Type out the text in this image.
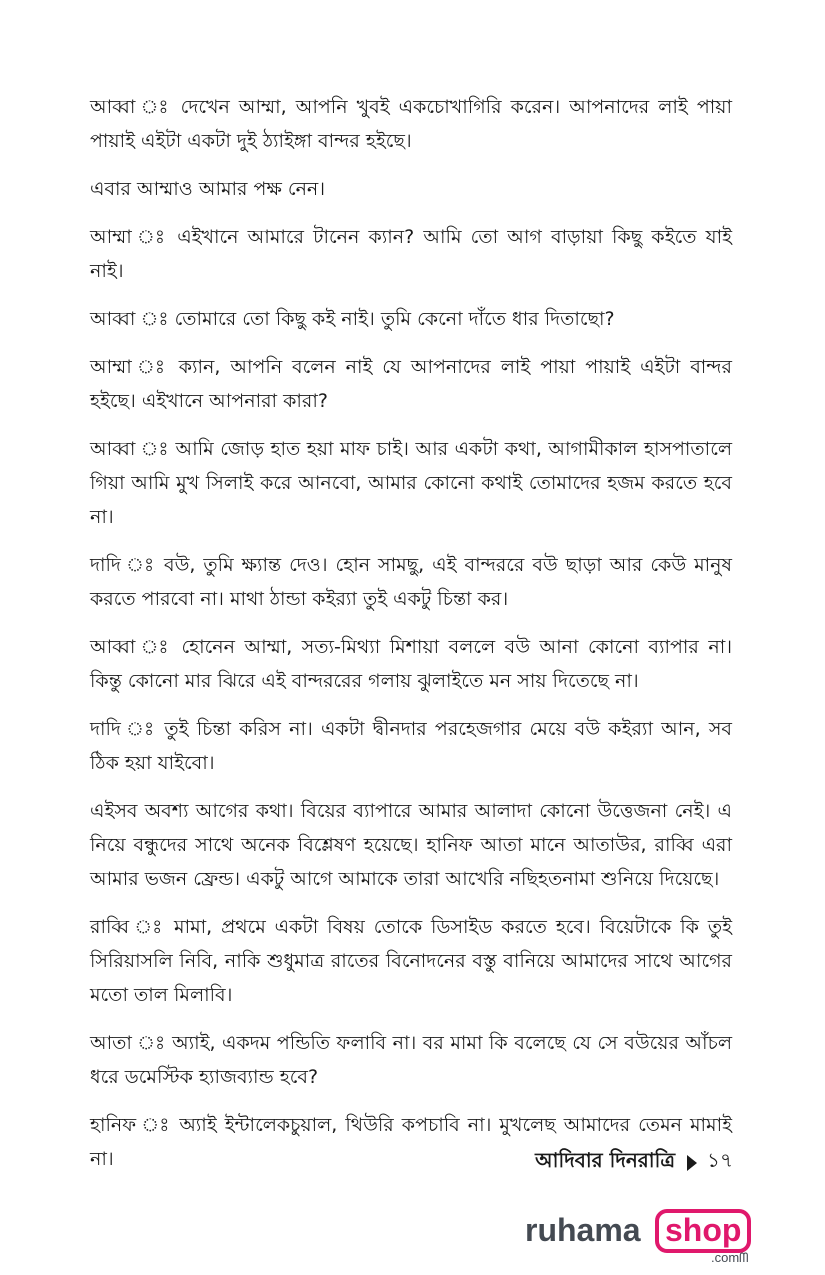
আব্বা ঃ দেখেন আম্মা, আপনি খুবই একচোখাগিরি করেন। আপনাদের লাই পায়া পায়াই এইটা একটা দুই ঠ্যাইঙ্গা বান্দর হইছে।

এবার আম্মাও আমার পক্ষ নেন।

আম্মা ঃ এইখানে আমারে টানেন ক্যান? আমি তো আগ বাড়ায়া কিছু কইতে যাই নাই।

আব্বা ঃ তোমারে তো কিছু কই নাই। তুমি কেনো দাঁতে ধার দিতাছো?

আম্মা ঃ ক্যান, আপনি বলেন নাই যে আপনাদের লাই পায়া পায়াই এইটা বান্দর হইছে। এইখানে আপনারা কারা?

আব্বা ঃ আমি জোড় হাত হয়া মাফ চাই। আর একটা কথা, আগামীকাল হাসপাতালে গিয়া আমি মুখ সিলাই করে আনবো, আমার কোনো কথাই তোমাদের হজম করতে হবে না।

দাদি ঃ বউ, তুমি ক্ষ্যান্ত দেও। হোন সামছু, এই বান্দররে বউ ছাড়া আর কেউ মানুষ করতে পারবো না। মাথা ঠান্ডা কইর‍্যা তুই একটু চিন্তা কর।

আব্বা ঃ হোনেন আম্মা, সত্য-মিথ্যা মিশায়া বললে বউ আনা কোনো ব্যাপার না। কিন্তু কোনো মার ঝিরে এই বান্দররের গলায় ঝুলাইতে মন সায় দিতেছে না।

দাদি ঃ তুই চিন্তা করিস না। একটা দ্বীনদার পরহেজগার মেয়ে বউ কইর‍্যা আন, সব ঠিক হয়া যাইবো।

এইসব অবশ্য আগের কথা। বিয়ের ব্যাপারে আমার আলাদা কোনো উত্তেজনা নেই। এ নিয়ে বন্ধুদের সাথে অনেক বিশ্লেষণ হয়েছে। হানিফ আতা মানে আতাউর, রাব্বি এরা আমার ভজন ফ্রেন্ড। একটু আগে আমাকে তারা আখেরি নছিহতনামা শুনিয়ে দিয়েছে।

রাব্বি ঃ মামা, প্রথমে একটা বিষয় তোকে ডিসাইড করতে হবে। বিয়েটাকে কি তুই সিরিয়াসলি নিবি, নাকি শুধুমাত্র রাতের বিনোদনের বস্তু বানিয়ে আমাদের সাথে আগের মতো তাল মিলাবি।

আতা ঃ অ্যাই, একদম পন্ডিতি ফলাবি না। বর মামা কি বলেছে যে সে বউয়ের আঁচল ধরে ডমেস্টিক হ্যাজব্যান্ড হবে?

হানিফ ঃ অ্যাই ইন্টালেকচুয়াল, থিউরি কপচাবি না। মুখলেছ আমাদের তেমন মামাই না।	আদিবার দিনরাত্রি ১৭
ruhama shop
.comᗰ
